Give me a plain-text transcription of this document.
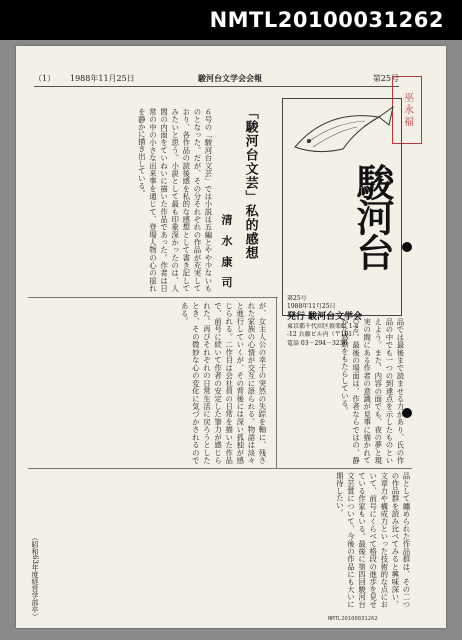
NMTL20100031262
（1） 1988年11月25日	駿河台文学会会報	第25号
巫永福
駿河台
第25号
1988年11月25日
発行 駿河台文学会
東京都千代田区猿楽町 1-4
-12 兵藤ビル内（〒101）
電話 03－294－3236
「駿河台文芸」私的感想
清 水 康 司
６号の「駿河台文芸」では小説は五編とやや少ないものとなった。だが、その分それぞれの作品が充実しており、各作品の読後感を私的な感想として書き記してみたいと思う。小説として最も印象深かったのは、人間の内面をていねいに描いた作品であった。作者は日常の中の小さな出来事を通じて、登場人物の心の揺れを静かに描き出している。
が、女主人公の幸子の突然の失踪を軸に、残された家族の心情が交互に語られる。物語は淡々と進行していくが、その背後には深い孤独が感じられる。二作目は会社員の日常を描いた作品で、前号に続いて作者の安定した筆力が感じられた。再びそれぞれの日常生活に戻ろうとしたとき、その微妙な心の変化に気づかされるのである。
品では最後まで読ませる力があり、氏の作品の中でも一つの到達点を示したものといえよう。また、内容の面でも、夜の夢と現実の間にある作者の意識が見事に描かれている。最後の場面は、作者ならではの、静かな感動をもたらしている。
品として纏められた作品群は、その二つの作品群を読み比べてみると興味深い。文章力や構成力といった技術的な点において、前号にくらべて格段の進歩を見せている作家もいる。最後に第四回駿河台文芸賞について、今後の作品にも大いに期待したい。
（昭和63年度経営学部卒）	NMTL20100031262
